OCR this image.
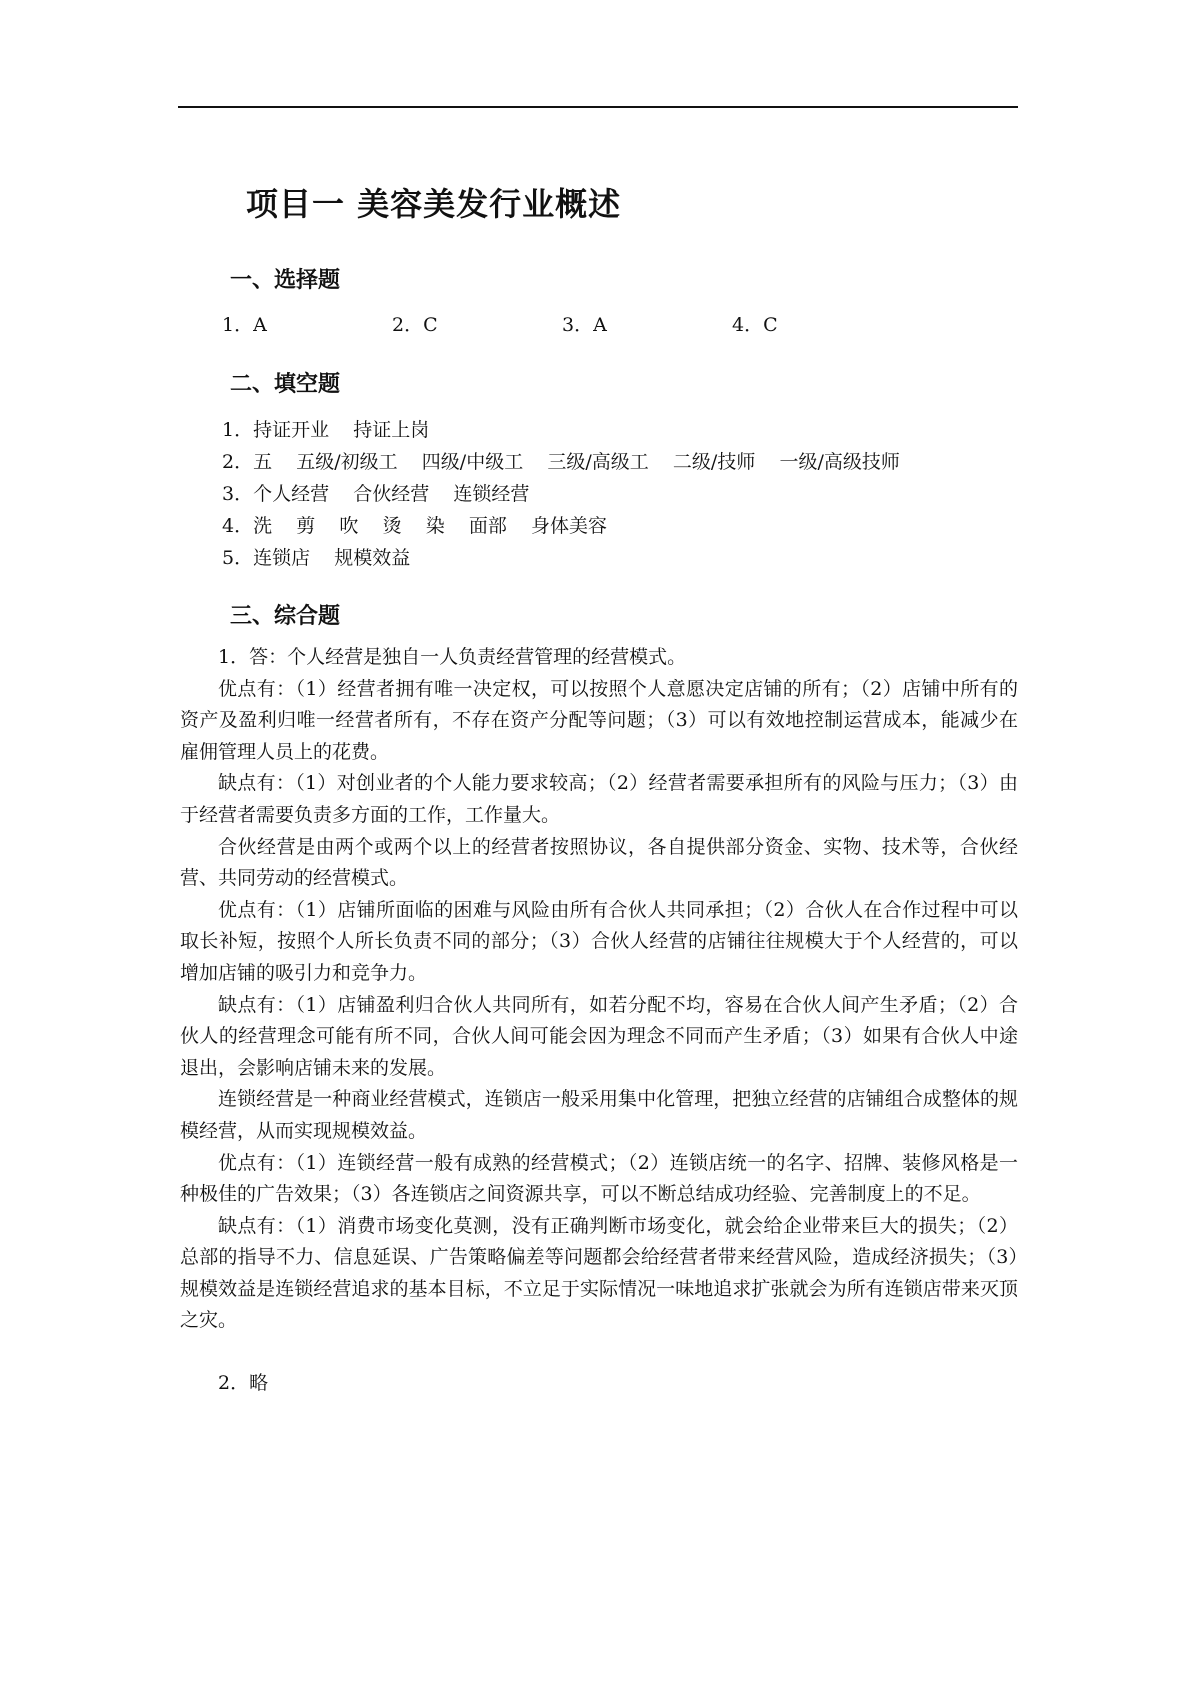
项目一 美容美发行业概述
一、选择题
1．A	2．C	3．A	4．C
二、填空题
1．持证开业    持证上岗
2．五    五级/初级工    四级/中级工    三级/高级工    二级/技师    一级/高级技师
3．个人经营    合伙经营    连锁经营
4．洗    剪    吹    烫    染    面部    身体美容
5．连锁店    规模效益
三、综合题

1．答：个人经营是独自一人负责经营管理的经营模式。

优点有：（1）经营者拥有唯一决定权，可以按照个人意愿决定店铺的所有；（2）店铺中所有的资产及盈利归唯一经营者所有，不存在资产分配等问题；（3）可以有效地控制运营成本，能减少在雇佣管理人员上的花费。

缺点有：（1）对创业者的个人能力要求较高；（2）经营者需要承担所有的风险与压力；（3）由于经营者需要负责多方面的工作，工作量大。

合伙经营是由两个或两个以上的经营者按照协议，各自提供部分资金、实物、技术等，合伙经营、共同劳动的经营模式。

优点有：（1）店铺所面临的困难与风险由所有合伙人共同承担；（2）合伙人在合作过程中可以取长补短，按照个人所长负责不同的部分；（3）合伙人经营的店铺往往规模大于个人经营的，可以增加店铺的吸引力和竞争力。

缺点有：（1）店铺盈利归合伙人共同所有，如若分配不均，容易在合伙人间产生矛盾；（2）合伙人的经营理念可能有所不同，合伙人间可能会因为理念不同而产生矛盾；（3）如果有合伙人中途退出，会影响店铺未来的发展。

连锁经营是一种商业经营模式，连锁店一般采用集中化管理，把独立经营的店铺组合成整体的规模经营，从而实现规模效益。

优点有：（1）连锁经营一般有成熟的经营模式；（2）连锁店统一的名字、招牌、装修风格是一种极佳的广告效果；（3）各连锁店之间资源共享，可以不断总结成功经验、完善制度上的不足。

缺点有：（1）消费市场变化莫测，没有正确判断市场变化，就会给企业带来巨大的损失；（2）总部的指导不力、信息延误、广告策略偏差等问题都会给经营者带来经营风险，造成经济损失；（3）规模效益是连锁经营追求的基本目标，不立足于实际情况一味地追求扩张就会为所有连锁店带来灭顶之灾。

2．略
